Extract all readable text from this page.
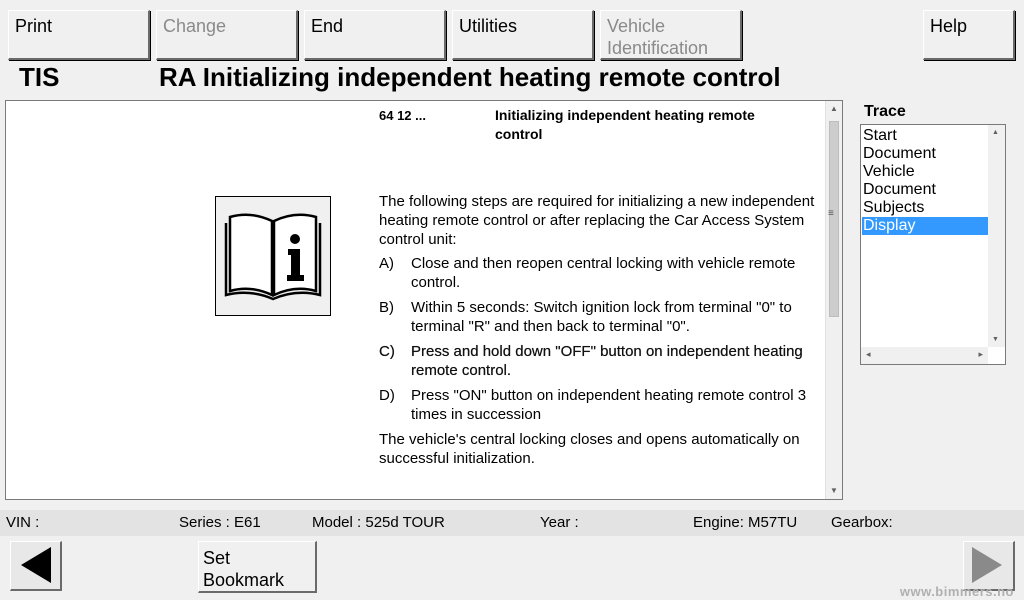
Print	Change	End	Utilities	Vehicle Identification
Help
TIS	RA Initializing independent heating remote control
64 12 ...	Initializing independent heating remote control

The following steps are required for initializing a new independent heating remote control or after replacing the Car Access System control unit:

A)	Close and then reopen central locking with vehicle remote control.
B)	Within 5 seconds: Switch ignition lock from terminal "0" to terminal "R" and then back to terminal "0".
C)	Press and hold down "OFF" button on independent heating remote control.
D)	Press "ON" button on independent heating remote control 3 times in succession

The vehicle's central locking closes and opens automatically on successful initialization.

▲
≡
▼
Trace
Start
Document
Vehicle
Document
Subjects
Display
▲
▼
◂	▸
VIN :	Series : E61	Model : 525d TOUR	Year :	Engine: M57TU Gearbox:
Set Bookmark
www.bimmers.no
